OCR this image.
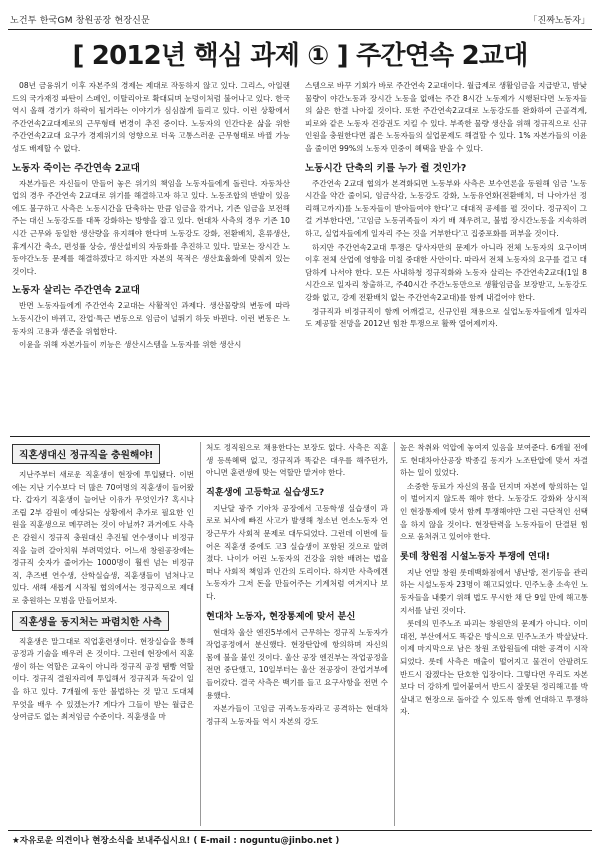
노건투 한국GM 창원공장 현장신문	「진짜노동자」
[ 2012년 핵심 과제 ① ] 주간연속 2교대

08년 금융위기 이후 자본주의 경제는 제대로 작동하지 않고 있다. 그리스, 아일랜드의 국가재정 파탄이 스페인, 이탈리아로 확대되며 눈덩이처럼 불어나고 있다. 한국 역시 올해 경기가 하락이 될거라는 이야기가 심심찮게 들리고 있다. 이런 상황에서 주간연속2교대제로의 근무형태 변경이 추진 중이다. 노동자의 인간다운 삶을 위한 주간연속2교대 요구가 경제위기의 영향으로 더욱 고통스러운 근무형태로 바뀔 가능성도 배제할 수 없다.

노동자 죽이는 주간연속 2교대

자본가들은 자신들이 만들어 놓은 위기의 책임을 노동자들에게 돌린다. 자동차산업의 경우 주간연속 2교대로 위기를 해결하고자 하고 있다. 노동조합의 반발이 있음에도 불구하고 사측은 노동시간을 단축하는 만큼 임금을 깎거나, 기존 임금을 보전해주는 대신 노동강도를 대폭 강화하는 방향을 잡고 있다. 현대차 사측의 경우 기존 10시간 근무와 동일한 생산량을 유지해야 한다며 노동강도 강화, 전환배치, 혼류생산, 휴게시간 축소, 편성률 상승, 생산설비의 자동화를 추진하고 있다. 말로는 장시간 노동야간노동 문제를 해결하겠다고 하지만 자본의 목적은 생산효율화에 맞춰져 있는 것이다.

노동자 살리는 주간연속 2교대

반면 노동자들에게 주간연속 2교대는 사활적인 과제다. 생산물량의 변동에 따라 노동시간이 바뀌고, 잔업·특근 변동으로 임금이 널뛰기 하듯 바뀐다. 이런 변동은 노동자의 고용과 생존을 위협한다.

이윤을 위해 자본가들이 끼능은 생산시스템을 노동자를 위한 생산시

스템으로 바꾸 기회가 바로 주간연속 2교대이다. 월급제로 생활임금을 지급받고, 밤낮물량이 야간노동과 장시간 노동을 없애는 주간 8시간 노동제가 시행된다면 노동자들의 삶은 한결 나아질 것이다. 또한 주간연속2교대로 노동강도를 완화하여 근골격계, 피로와 같은 노동자 건강권도 지킬 수 있다. 부족한 물량 생산을 위해 정규직으로 신규인원을 충원한다면 젊은 노동자들의 실업문제도 해결할 수 있다. 1% 자본가들의 이윤을 줄이면 99%의 노동자 민중이 혜택을 받을 수 있다.

노동시간 단축의 키를 누가 쥘 것인가?

주간연속 2교대 협의가 본격화되면 노동부와 사측은 보수언론을 동원해 임금 '노동시간을 약간 줄이되, 임금삭감, 노동강도 강화, 노동유연화(전환배치, 더 나아가선 정리해고까지)를 노동자들이 받아들여야 한다'고 대대적 공세를 펼 것이다. 정규직이 그걸 거부한다면, '고임금 노동귀족들이 자기 배 채우려고, 불법 장시간노동을 지속하려 하고, 실업자들에게 일자리 주는 것을 거부한다'고 집중포화를 퍼부을 것이다.

하지만 주간연속2교대 투쟁은 당사자만의 문제가 아니라 전체 노동자의 요구이며 이후 전체 산업에 영향을 미칠 중대한 사안이다. 따라서 전체 노동자의 요구를 걸고 대담하게 나서야 한다. 모든 사내하청 정규직화와 노동자 살리는 주간연속2교대(1일 8시간으로 일자리 창출하고, 주40시간 주간노동만으로 생활임금을 보장받고, 노동강도 강화 없고, 강제 전환배치 없는 주간연속2교대)를 함께 내걸어야 한다.

정규직과 비정규직이 함께 어깨걸고, 신규인원 채용으로 실업노동자들에게 일자리도 제공할 전망을 2012년 힘찬 투쟁으로 활짝 열어제끼자.

직혼생대신 정규직을 충원해야!

지난주부터 새로운 직훈생이 현장에 투입됐다. 이번에는 지난 기수보다 더 많은 70여명의 직훈생이 들어왔다. 갑자기 직훈생이 늘어난 이유가 무엇인가? 혹시나 조립 2부 감원이 예상되는 상황에서 추가로 필요한 인원을 직훈생으로 메꾸려는 것이 아닐까? 과거에도 사측은 감원시 정규직 충원대신 추진될 연수생이나 비정규직을 늘려 갈아치워 부려먹었다. 어느새 창원공장에는 정규직 숫자가 줄어가는 1000명이 훨씬 넘는 비정규직, 추즈벤 연수생, 산학실습생, 직훈생들이 넘쳐나고 있다. 새해 새롭게 시작될 협의에서는 정규직으로 제대로 충원하는 모범을 만들어보자.

직훈생을 동지처는 파렴치한 사측

직훈생은 말그대로 직업훈련생이다. 현장실습을 통해 공정과 기술을 배우러 온 것이다. 그런데 현장에서 직훈생이 하는 역할은 교육이 아니라 정규직 공정 땜빵 역할이다. 정규직 결원자리에 투입해서 정규직과 독같이 일을 하고 있다. 7개월에 동안 불법하는 것 맡고 도대체 무엇을 배우 수 있겠는가? 게다가 그들이 받는 월급은 상여금도 없는 최저임금 수준이다. 직훈생을 마

처도 정직원으로 채용한다는 보장도 없다. 사측은 직훈생 등록혜택 없고, 정규직과 똑같은 대우를 해주던가, 아니면 훈련생에 맞는 역할만 맡겨야 한다.

직훈생에 고등학교 실습생도?

지난달 광주 기아차 공장에서 고등학생 실습생이 과로로 뇌사에 빠진 사고가 발생해 청소년 연소노동자 연장근무가 사회적 문제로 대두되었다. 그런데 이번에 들어온 직훈생 중에도 고3 실습생이 포함된 것으로 알려졌다. 나이가 어린 노동자의 건강을 위한 배려는 법을 떠나 사회적 책임과 인간의 도리이다. 하지만 사측에겐 노동자가 그저 돈을 만들어주는 기계처럼 여겨지나 보다.

현대차 노동자, 현장통제에 맞서 분신

현대차 울산 엔진5부에서 근무하는 정규직 노동자가 작업공정에서 분신했다. 현장탄압에 항의하며 자신의 몸에 불을 붙인 것이다. 울산 공장 엔진부는 작업공정을 전면 중단했고, 10일부터는 울산 전공장이 잔업거부에 들어갔다. 결국 사측은 백기를 들고 요구사항을 전면 수용했다.

자본가들이 고임금 귀족노동자라고 공격하는 현대차 정규직 노동자들 역시 자본의 강도

높은 착취와 억압에 놓여져 있음을 보여준다. 6개월 전에도 현대차아산공장 박종길 동지가 노조탄압에 맞서 자결하는 일이 있었다.

소중한 동료가 자신의 몸을 던지며 자본에 항의하는 일이 벌어지지 않도록 해야 한다. 노동강도 강화와 상시적인 현장통제에 맞서 함께 투쟁해야만 그런 극단적인 선택을 하지 않을 것이다. 현장탄력을 노동자들이 단결된 힘으로 움쳐쥐고 있어야 한다.

롯데 창원점 시설노동자 투쟁에 연대!

지난 연말 창원 롯데백화점에서 냉난방, 전기등을 관리하는 시설노동자 23명이 해고되었다. 민주노총 소속인 노동자들을 내쫓기 위해 법도 무시한 채 단 9일 만에 해고통지서를 날린 것이다.

롯데의 민주노조 파괴는 창원만의 문제가 아니다. 이미 대전, 부산에서도 똑같은 방식으로 민주노조가 박살났다. 이제 마지막으로 남은 창원 조합원들에 대한 공격이 시작되었다. 롯데 사측은 매출이 떨어지고 물건이 안팔려도 반드시 잡겠다는 단호한 입장이다. 그렇다면 우리도 자본보다 더 강하게 밀어붙여서 반드시 잘못된 정리해고를 박살내고 현장으로 돌아갈 수 있도록 함께 연대하고 투쟁하자.

★자유로운 의견이나 현장소식을 보내주십시요! ( E-mail : noguntu@jinbo.net )
